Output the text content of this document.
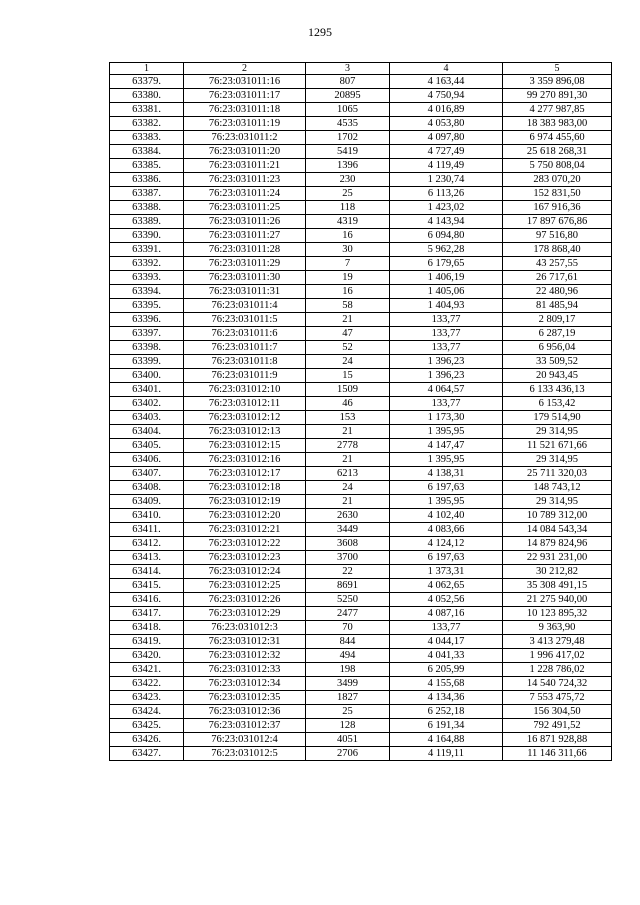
1295
1	2	3	4	5
63379.	76:23:031011:16	807	4 163,44	3 359 896,08
63380.	76:23:031011:17	20895	4 750,94	99 270 891,30
63381.	76:23:031011:18	1065	4 016,89	4 277 987,85
63382.	76:23:031011:19	4535	4 053,80	18 383 983,00
63383.	76:23:031011:2	1702	4 097,80	6 974 455,60
63384.	76:23:031011:20	5419	4 727,49	25 618 268,31
63385.	76:23:031011:21	1396	4 119,49	5 750 808,04
63386.	76:23:031011:23	230	1 230,74	283 070,20
63387.	76:23:031011:24	25	6 113,26	152 831,50
63388.	76:23:031011:25	118	1 423,02	167 916,36
63389.	76:23:031011:26	4319	4 143,94	17 897 676,86
63390.	76:23:031011:27	16	6 094,80	97 516,80
63391.	76:23:031011:28	30	5 962,28	178 868,40
63392.	76:23:031011:29	7	6 179,65	43 257,55
63393.	76:23:031011:30	19	1 406,19	26 717,61
63394.	76:23:031011:31	16	1 405,06	22 480,96
63395.	76:23:031011:4	58	1 404,93	81 485,94
63396.	76:23:031011:5	21	133,77	2 809,17
63397.	76:23:031011:6	47	133,77	6 287,19
63398.	76:23:031011:7	52	133,77	6 956,04
63399.	76:23:031011:8	24	1 396,23	33 509,52
63400.	76:23:031011:9	15	1 396,23	20 943,45
63401.	76:23:031012:10	1509	4 064,57	6 133 436,13
63402.	76:23:031012:11	46	133,77	6 153,42
63403.	76:23:031012:12	153	1 173,30	179 514,90
63404.	76:23:031012:13	21	1 395,95	29 314,95
63405.	76:23:031012:15	2778	4 147,47	11 521 671,66
63406.	76:23:031012:16	21	1 395,95	29 314,95
63407.	76:23:031012:17	6213	4 138,31	25 711 320,03
63408.	76:23:031012:18	24	6 197,63	148 743,12
63409.	76:23:031012:19	21	1 395,95	29 314,95
63410.	76:23:031012:20	2630	4 102,40	10 789 312,00
63411.	76:23:031012:21	3449	4 083,66	14 084 543,34
63412.	76:23:031012:22	3608	4 124,12	14 879 824,96
63413.	76:23:031012:23	3700	6 197,63	22 931 231,00
63414.	76:23:031012:24	22	1 373,31	30 212,82
63415.	76:23:031012:25	8691	4 062,65	35 308 491,15
63416.	76:23:031012:26	5250	4 052,56	21 275 940,00
63417.	76:23:031012:29	2477	4 087,16	10 123 895,32
63418.	76:23:031012:3	70	133,77	9 363,90
63419.	76:23:031012:31	844	4 044,17	3 413 279,48
63420.	76:23:031012:32	494	4 041,33	1 996 417,02
63421.	76:23:031012:33	198	6 205,99	1 228 786,02
63422.	76:23:031012:34	3499	4 155,68	14 540 724,32
63423.	76:23:031012:35	1827	4 134,36	7 553 475,72
63424.	76:23:031012:36	25	6 252,18	156 304,50
63425.	76:23:031012:37	128	6 191,34	792 491,52
63426.	76:23:031012:4	4051	4 164,88	16 871 928,88
63427.	76:23:031012:5	2706	4 119,11	11 146 311,66
